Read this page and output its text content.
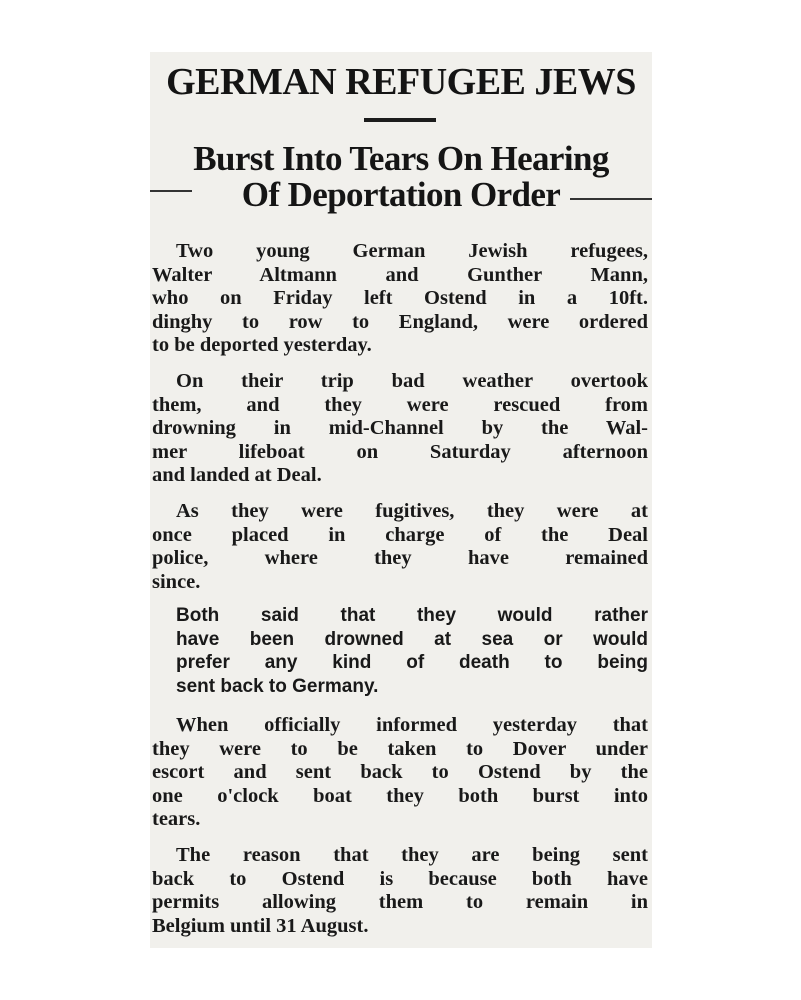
GERMAN REFUGEE JEWS
Burst Into Tears On Hearing
Of Deportation Order
Two young German Jewish refugees,
Walter Altmann and Gunther Mann,
who on Friday left Ostend in a 10ft.
dinghy to row to England, were ordered
to be deported yesterday.
On their trip bad weather overtook
them, and they were rescued from
drowning in mid-Channel by the Wal-
mer lifeboat on Saturday afternoon
and landed at Deal.
As they were fugitives, they were at
once placed in charge of the Deal
police, where they have remained
since.
Both said that they would rather
have been drowned at sea or would
prefer any kind of death to being
sent back to Germany.
When officially informed yesterday that
they were to be taken to Dover under
escort and sent back to Ostend by the
one o'clock boat they both burst into
tears.
The reason that they are being sent
back to Ostend is because both have
permits allowing them to remain in
Belgium until 31 August.
